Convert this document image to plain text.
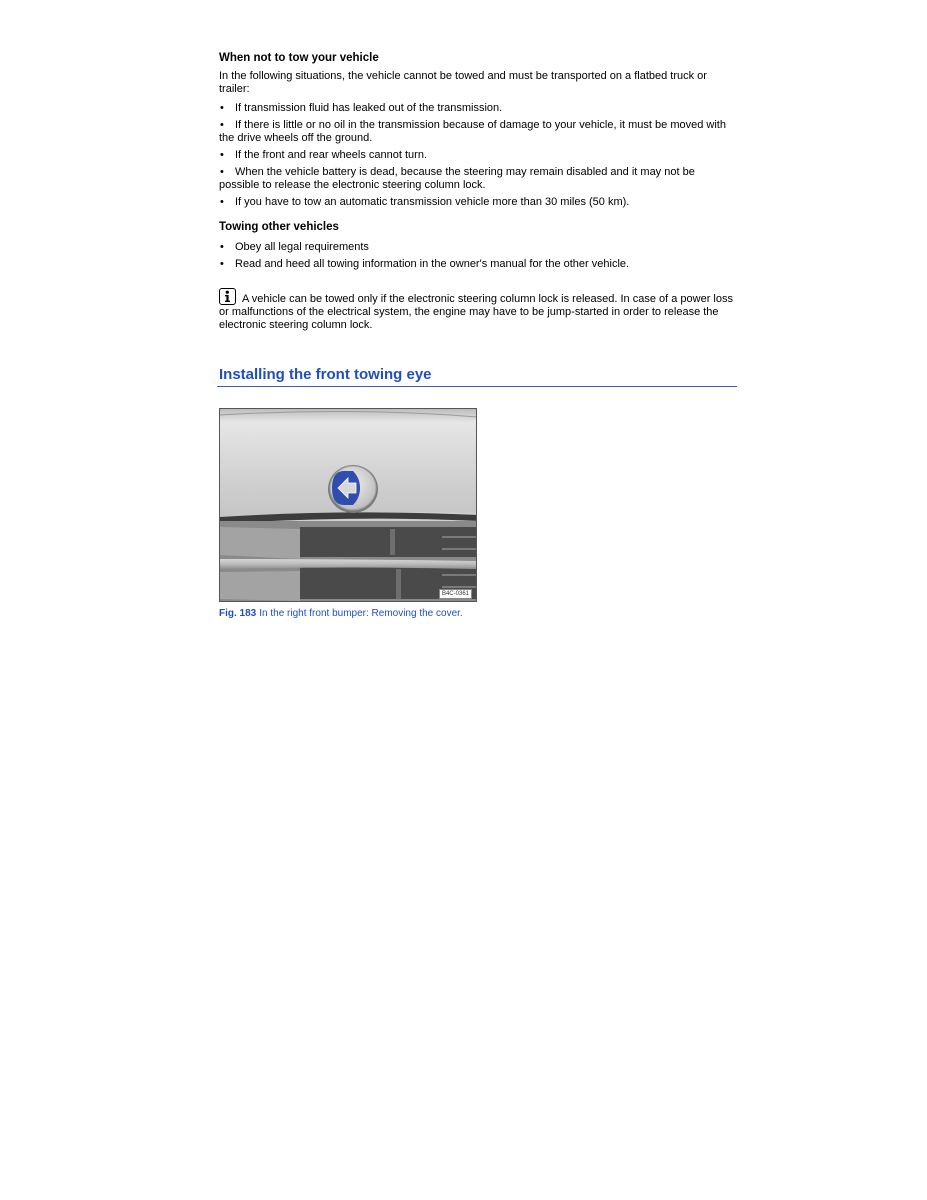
When not to tow your vehicle

In the following situations, the vehicle cannot be towed and must be transported on a flatbed truck or trailer:

• If transmission fluid has leaked out of the transmission.
• If there is little or no oil in the transmission because of damage to your vehicle, it must be moved with the drive wheels off the ground.
• If the front and rear wheels cannot turn.
• When the vehicle battery is dead, because the steering may remain disabled and it may not be possible to release the electronic steering column lock.
• If you have to tow an automatic transmission vehicle more than 30 miles (50 km).
Towing other vehicles
• Obey all legal requirements
• Read and heed all towing information in the owner's manual for the other vehicle.
A vehicle can be towed only if the electronic steering column lock is released. In case of a power loss or malfunctions of the electrical system, the engine may have to be jump-started in order to release the electronic steering column lock.
Installing the front towing eye
B4C-0361
Fig. 183 In the right front bumper: Removing the cover.
